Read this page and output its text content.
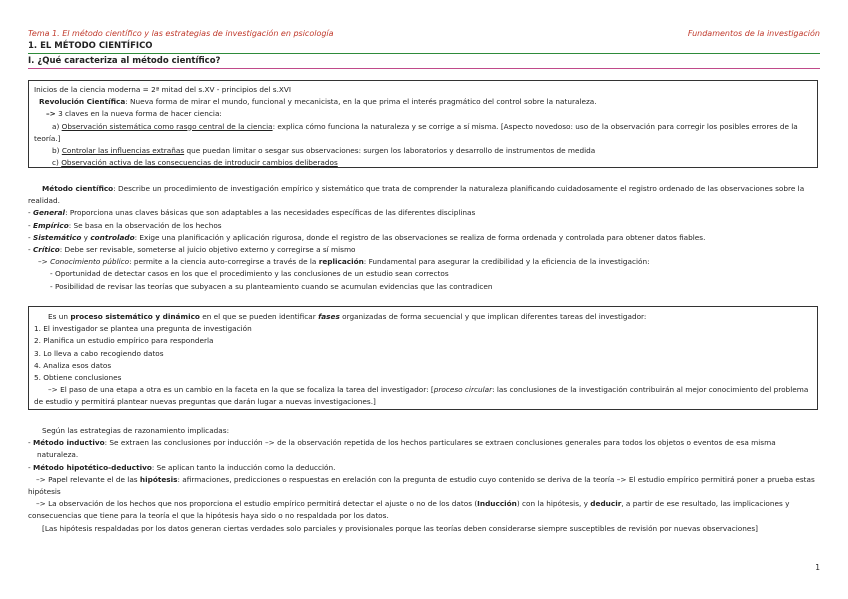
Tema 1. El método científico y las estrategias de investigación en psicología	Fundamentos de la investigación
1. EL MÉTODO CIENTÍFICO
I. ¿Qué caracteriza al método científico?
Inicios de la ciencia moderna = 2ª mitad del s.XV - principios del s.XVI
Revolución Científica: Nueva forma de mirar el mundo, funcional y mecanicista, en la que prima el interés pragmático del control sobre la naturaleza.
–> 3 claves en la nueva forma de hacer ciencia:
a) Observación sistemática como rasgo central de la ciencia: explica cómo funciona la naturaleza y se corrige a sí misma. [Aspecto novedoso: uso de la observación para corregir los posibles errores de la teoría.]
b) Controlar las influencias extrañas que puedan limitar o sesgar sus observaciones: surgen los laboratorios y desarrollo de instrumentos de medida
c) Observación activa de las consecuencias de introducir cambios deliberados
Método científico: Describe un procedimiento de investigación empírico y sistemático que trata de comprender la naturaleza planificando cuidadosamente el registro ordenado de las observaciones sobre la realidad.
‐ General: Proporciona unas claves básicas que son adaptables a las necesidades específicas de las diferentes disciplinas
‐ Empírico: Se basa en la observación de los hechos
‐ Sistemático y controlado: Exige una planificación y aplicación rigurosa, donde el registro de las observaciones se realiza de forma ordenada y controlada para obtener datos fiables.
‐ Crítico: Debe ser revisable, someterse al juicio objetivo externo y corregirse a sí mismo
–> Conocimiento público: permite a la ciencia auto-corregirse a través de la replicación: Fundamental para asegurar la credibilidad y la eficiencia de la investigación:
- Oportunidad de detectar casos en los que el procedimiento y las conclusiones de un estudio sean correctos
- Posibilidad de revisar las teorías que subyacen a su planteamiento cuando se acumulan evidencias que las contradicen
Es un proceso sistemático y dinámico en el que se pueden identificar fases organizadas de forma secuencial y que implican diferentes tareas del investigador:
1. El investigador se plantea una pregunta de investigación
2. Planifica un estudio empírico para responderla
3. Lo lleva a cabo recogiendo datos
4. Analiza esos datos
5. Obtiene conclusiones
–> El paso de una etapa a otra es un cambio en la faceta en la que se focaliza la tarea del investigador: [proceso circular: las conclusiones de la investigación contribuirán al mejor conocimiento del problema de estudio y permitirá plantear nuevas preguntas que darán lugar a nuevas investigaciones.]
Según las estrategias de razonamiento implicadas:
‐ Método inductivo: Se extraen las conclusiones por inducción –> de la observación repetida de los hechos particulares se extraen conclusiones generales para todos los objetos o eventos de esa misma naturaleza.
‐ Método hipotético-deductivo: Se aplican tanto la inducción como la deducción.
–> Papel relevante el de las hipótesis: afirmaciones, predicciones o respuestas en erelación con la pregunta de estudio cuyo contenido se deriva de la teoría –> El estudio empírico permitirá poner a prueba estas hipótesis
–> La observación de los hechos que nos proporciona el estudio empírico permitirá detectar el ajuste o no de los datos (Inducción) con la hipótesis, y deducir, a partir de ese resultado, las implicaciones y consecuencias que tiene para la teoría el que la hipótesis haya sido o no respaldada por los datos.
[Las hipótesis respaldadas por los datos generan ciertas verdades solo parciales y provisionales porque las teorías deben considerarse siempre susceptibles de revisión por nuevas observaciones]
1
